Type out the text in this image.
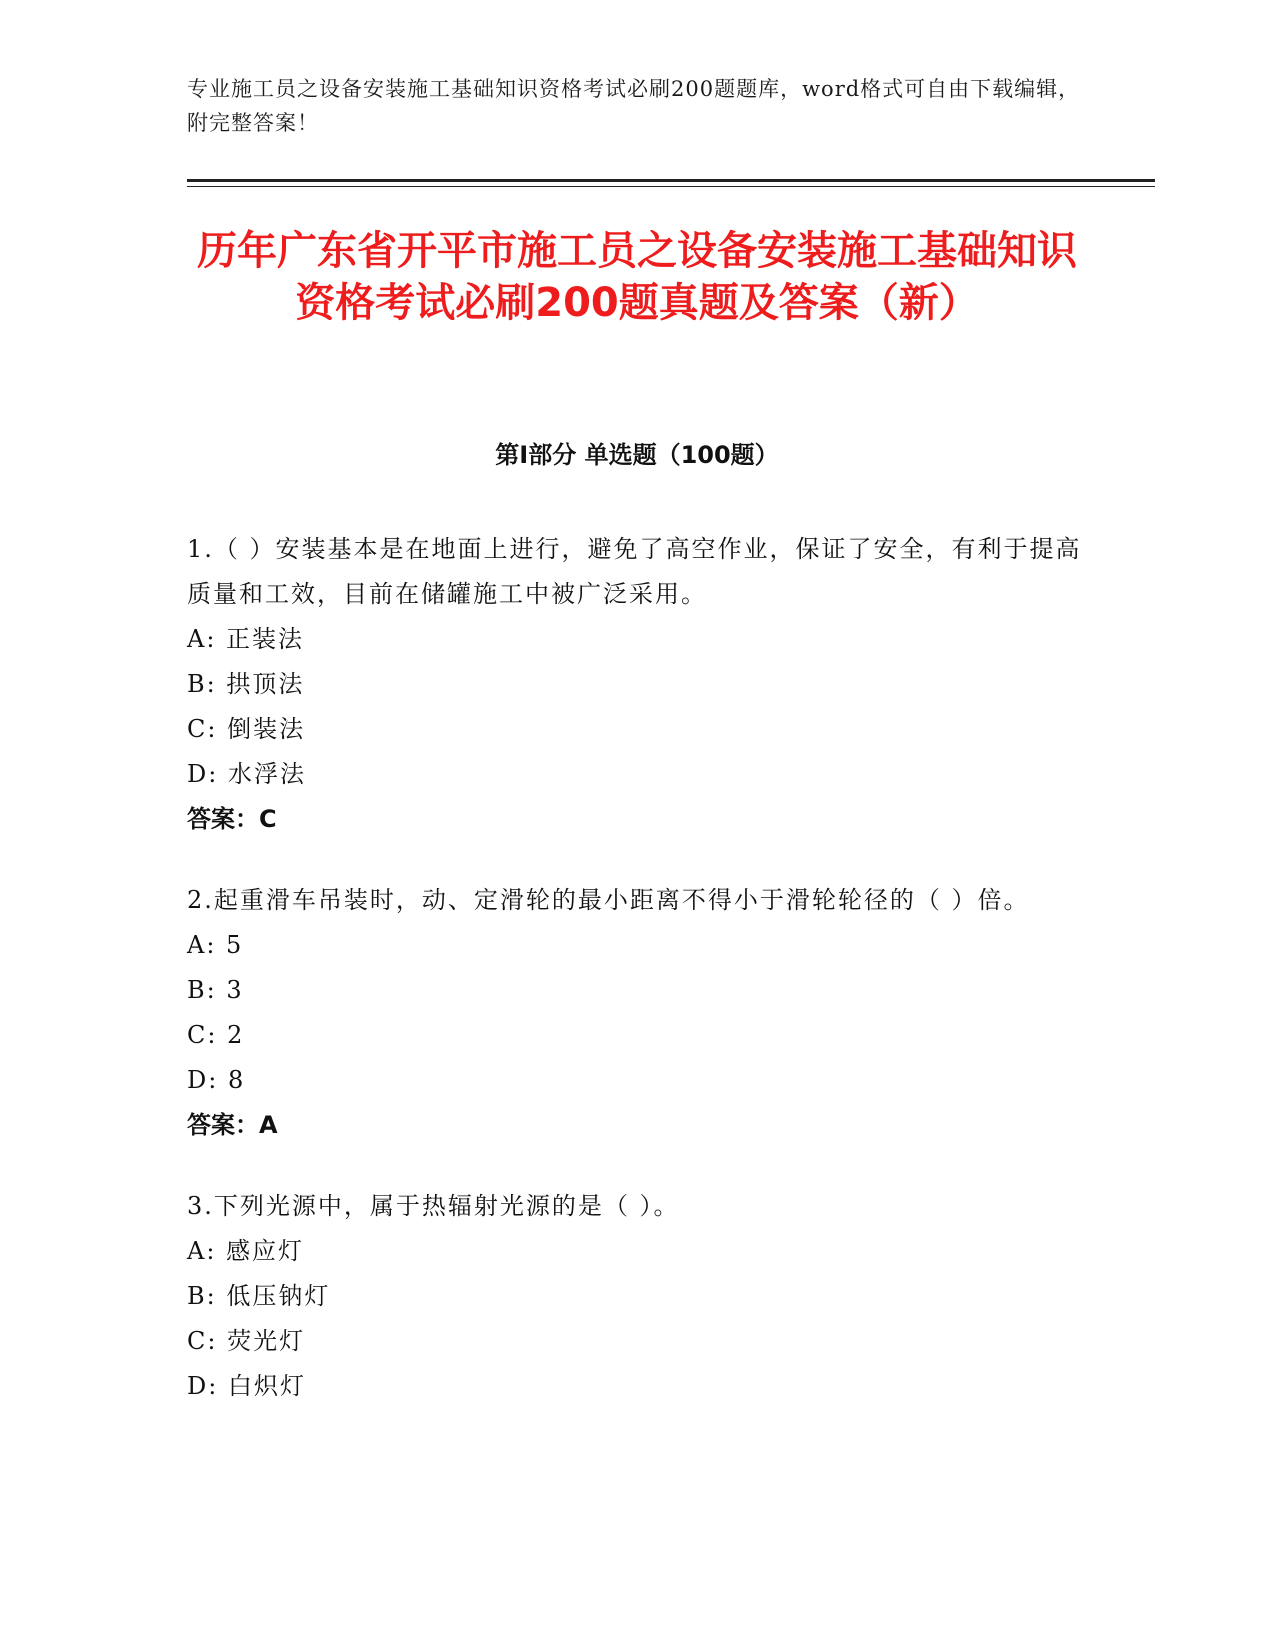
专业施工员之设备安装施工基础知识资格考试必刷200题题库，word格式可自由下载编辑，附完整答案！
历年广东省开平市施工员之设备安装施工基础知识资格考试必刷200题真题及答案（新）
第Ⅰ部分 单选题（100题）
1.（ ）安装基本是在地面上进行，避免了高空作业，保证了安全，有利于提高质量和工效，目前在储罐施工中被广泛采用。
A: 正装法
B: 拱顶法
C: 倒装法
D: 水浮法
答案：C
2.起重滑车吊装时，动、定滑轮的最小距离不得小于滑轮轮径的（ ）倍。
A: 5
B: 3
C: 2
D: 8
答案：A
3.下列光源中，属于热辐射光源的是（ ）。
A: 感应灯
B: 低压钠灯
C: 荧光灯
D: 白炽灯
